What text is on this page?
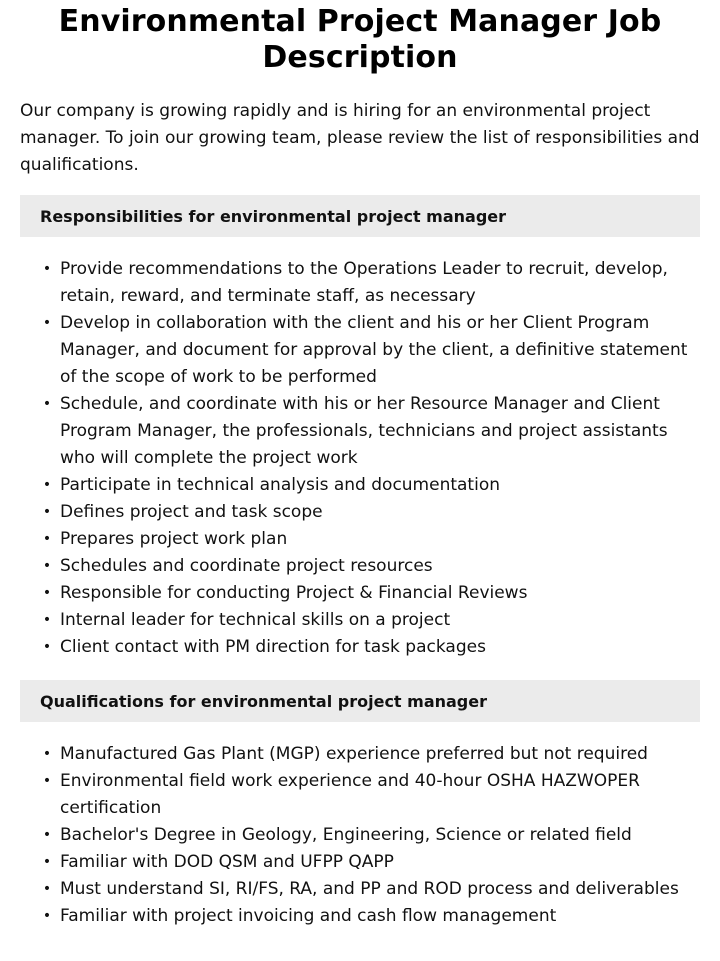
Environmental Project Manager Job Description

Our company is growing rapidly and is hiring for an environmental project manager. To join our growing team, please review the list of responsibilities and qualifications.

Responsibilities for environmental project manager
• Provide recommendations to the Operations Leader to recruit, develop, retain, reward, and terminate staff, as necessary
• Develop in collaboration with the client and his or her Client Program Manager, and document for approval by the client, a definitive statement of the scope of work to be performed
• Schedule, and coordinate with his or her Resource Manager and Client Program Manager, the professionals, technicians and project assistants who will complete the project work
• Participate in technical analysis and documentation
• Defines project and task scope
• Prepares project work plan
• Schedules and coordinate project resources
• Responsible for conducting Project & Financial Reviews
• Internal leader for technical skills on a project
• Client contact with PM direction for task packages
Qualifications for environmental project manager
• Manufactured Gas Plant (MGP) experience preferred but not required
• Environmental field work experience and 40-hour OSHA HAZWOPER certification
• Bachelor's Degree in Geology, Engineering, Science or related field
• Familiar with DOD QSM and UFPP QAPP
• Must understand SI, RI/FS, RA, and PP and ROD process and deliverables
• Familiar with project invoicing and cash flow management
